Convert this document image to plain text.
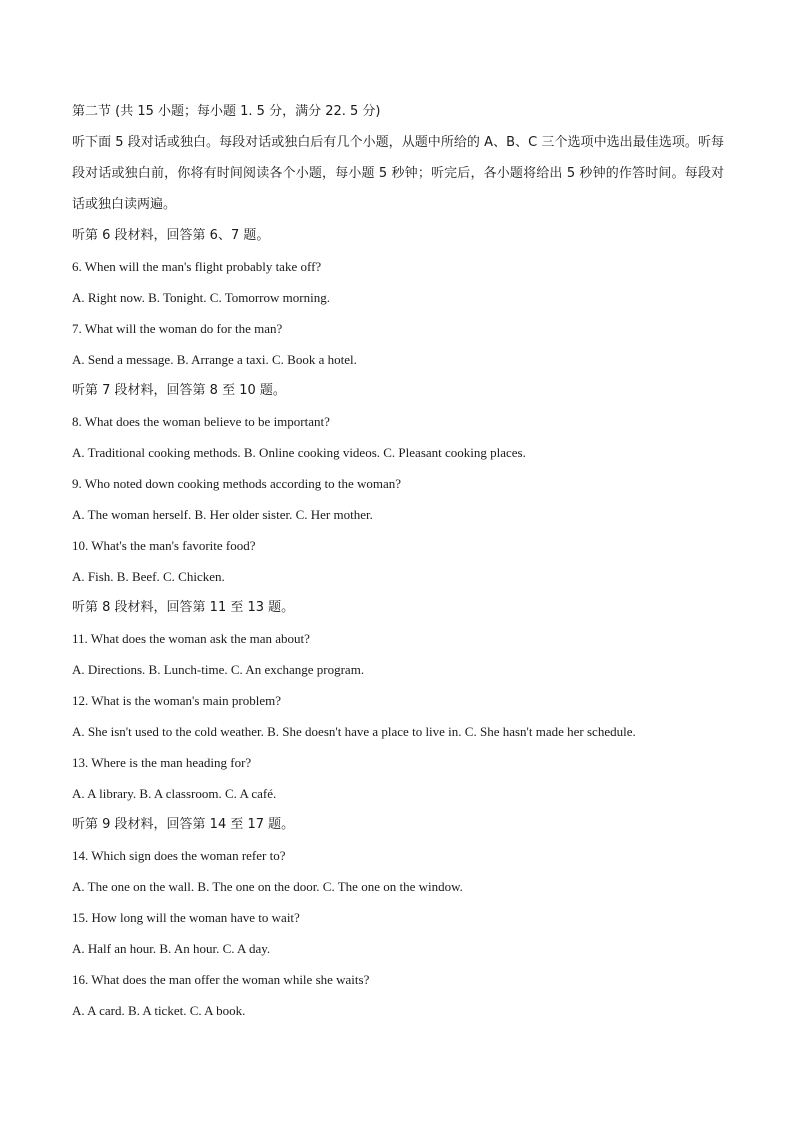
第二节 (共 15 小题；每小题 1. 5 分，满分 22. 5 分)
听下面 5 段对话或独白。每段对话或独白后有几个小题，从题中所给的 A、B、C 三个选项中选出最佳选项。听每段对话或独白前，你将有时间阅读各个小题，每小题 5 秒钟；听完后，各小题将给出 5 秒钟的作答时间。每段对话或独白读两遍。
听第 6 段材料，回答第 6、7 题。
6. When will the man's flight probably take off?
A. Right now. B. Tonight. C. Tomorrow morning.
7. What will the woman do for the man?
A. Send a message. B. Arrange a taxi. C. Book a hotel.
听第 7 段材料，回答第 8 至 10 题。
8. What does the woman believe to be important?
A. Traditional cooking methods. B. Online cooking videos. C. Pleasant cooking places.
9. Who noted down cooking methods according to the woman?
A. The woman herself. B. Her older sister. C. Her mother.
10. What's the man's favorite food?
A. Fish. B. Beef. C. Chicken.
听第 8 段材料，回答第 11 至 13 题。
11. What does the woman ask the man about?
A. Directions. B. Lunch-time. C. An exchange program.
12. What is the woman's main problem?
A. She isn't used to the cold weather. B. She doesn't have a place to live in. C. She hasn't made her schedule.
13. Where is the man heading for?
A. A library. B. A classroom. C. A café.
听第 9 段材料，回答第 14 至 17 题。
14. Which sign does the woman refer to?
A. The one on the wall. B. The one on the door. C. The one on the window.
15. How long will the woman have to wait?
A. Half an hour. B. An hour. C. A day.
16. What does the man offer the woman while she waits?
A. A card. B. A ticket. C. A book.
